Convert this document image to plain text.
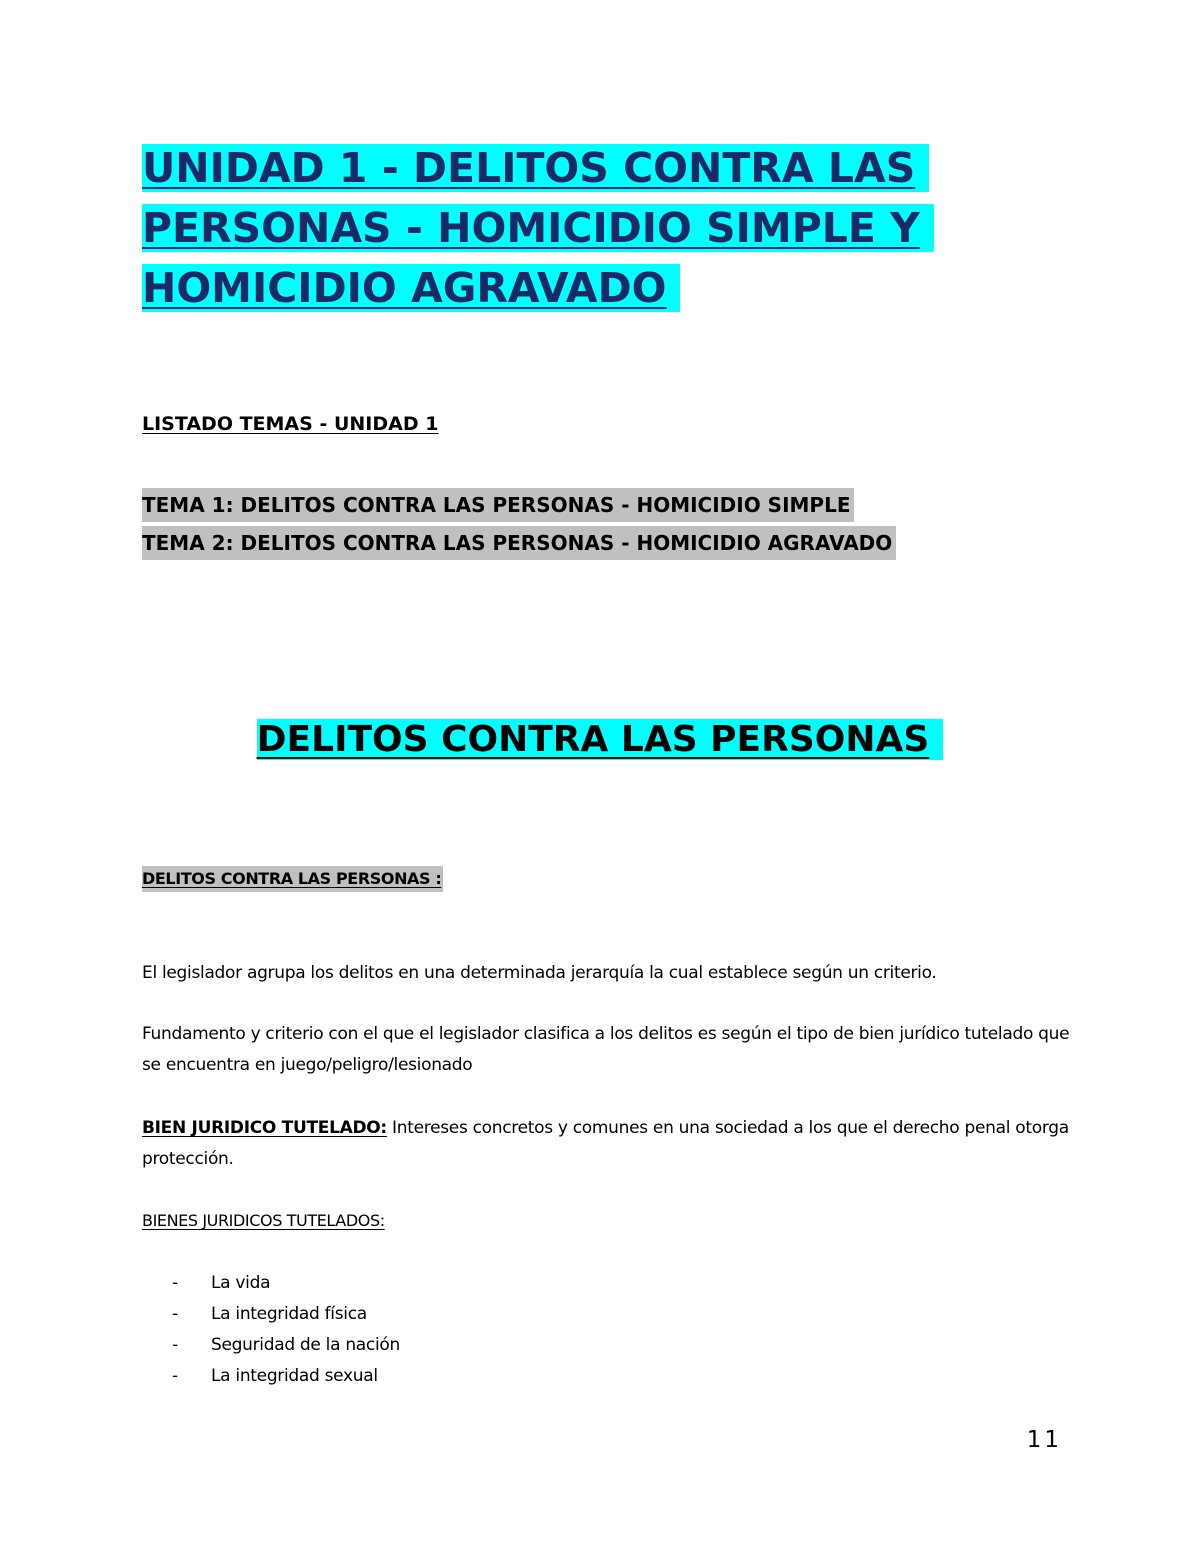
UNIDAD 1 - DELITOS CONTRA LAS
PERSONAS - HOMICIDIO SIMPLE Y
HOMICIDIO AGRAVADO

LISTADO TEMAS - UNIDAD 1

TEMA 1: DELITOS CONTRA LAS PERSONAS - HOMICIDIO SIMPLE
TEMA 2: DELITOS CONTRA LAS PERSONAS - HOMICIDIO AGRAVADO
DELITOS CONTRA LAS PERSONAS

DELITOS CONTRA LAS PERSONAS :

El legislador agrupa los delitos en una determinada jerarquía la cual establece según un criterio.

Fundamento y criterio con el que el legislador clasifica a los delitos es según el tipo de bien jurídico tutelado que se encuentra en juego/peligro/lesionado

BIEN JURIDICO TUTELADO: Intereses concretos y comunes en una sociedad a los que el derecho penal otorga protección.

BIENES JURIDICOS TUTELADOS:

- La vida
- La integridad física
- Seguridad de la nación
- La integridad sexual

11
